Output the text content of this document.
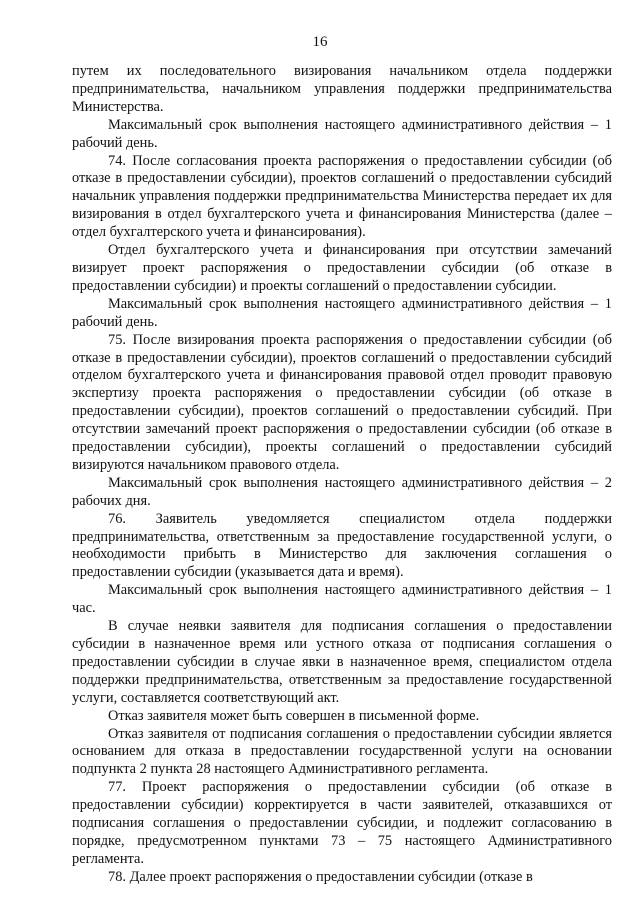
16

путем их последовательного визирования начальником отдела поддержки предпринимательства, начальником управления поддержки предпринимательства Министерства.

Максимальный срок выполнения настоящего административного действия – 1 рабочий день.

74. После согласования проекта распоряжения о предоставлении субсидии (об отказе в предоставлении субсидии), проектов соглашений о предоставлении субсидий начальник управления поддержки предпринимательства Министерства передает их для визирования в отдел бухгалтерского учета и финансирования Министерства (далее – отдел бухгалтерского учета и финансирования).

Отдел бухгалтерского учета и финансирования при отсутствии замечаний визирует проект распоряжения о предоставлении субсидии (об отказе в предоставлении субсидии) и проекты соглашений о предоставлении субсидии.

Максимальный срок выполнения настоящего административного действия – 1 рабочий день.

75. После визирования проекта распоряжения о предоставлении субсидии (об отказе в предоставлении субсидии), проектов соглашений о предоставлении субсидий отделом бухгалтерского учета и финансирования правовой отдел проводит правовую экспертизу проекта распоряжения о предоставлении субсидии (об отказе в предоставлении субсидии), проектов соглашений о предоставлении субсидий. При отсутствии замечаний проект распоряжения о предоставлении субсидии (об отказе в предоставлении субсидии), проекты соглашений о предоставлении субсидий визируются начальником правового отдела.

Максимальный срок выполнения настоящего административного действия – 2 рабочих дня.

76. Заявитель уведомляется специалистом отдела поддержки предпринимательства, ответственным за предоставление государственной услуги, о необходимости прибыть в Министерство для заключения соглашения о предоставлении субсидии (указывается дата и время).

Максимальный срок выполнения настоящего административного действия – 1 час.

В случае неявки заявителя для подписания соглашения о предоставлении субсидии в назначенное время или устного отказа от подписания соглашения о предоставлении субсидии в случае явки в назначенное время, специалистом отдела поддержки предпринимательства, ответственным за предоставление государственной услуги, составляется соответствующий акт.

Отказ заявителя может быть совершен в письменной форме.

Отказ заявителя от подписания соглашения о предоставлении субсидии является основанием для отказа в предоставлении государственной услуги на основании подпункта 2 пункта 28 настоящего Административного регламента.

77. Проект распоряжения о предоставлении субсидии (об отказе в предоставлении субсидии) корректируется в части заявителей, отказавшихся от подписания соглашения о предоставлении субсидии, и подлежит согласованию в порядке, предусмотренном пунктами 73 – 75 настоящего Административного регламента.

78. Далее проект распоряжения о предоставлении субсидии (отказе в
